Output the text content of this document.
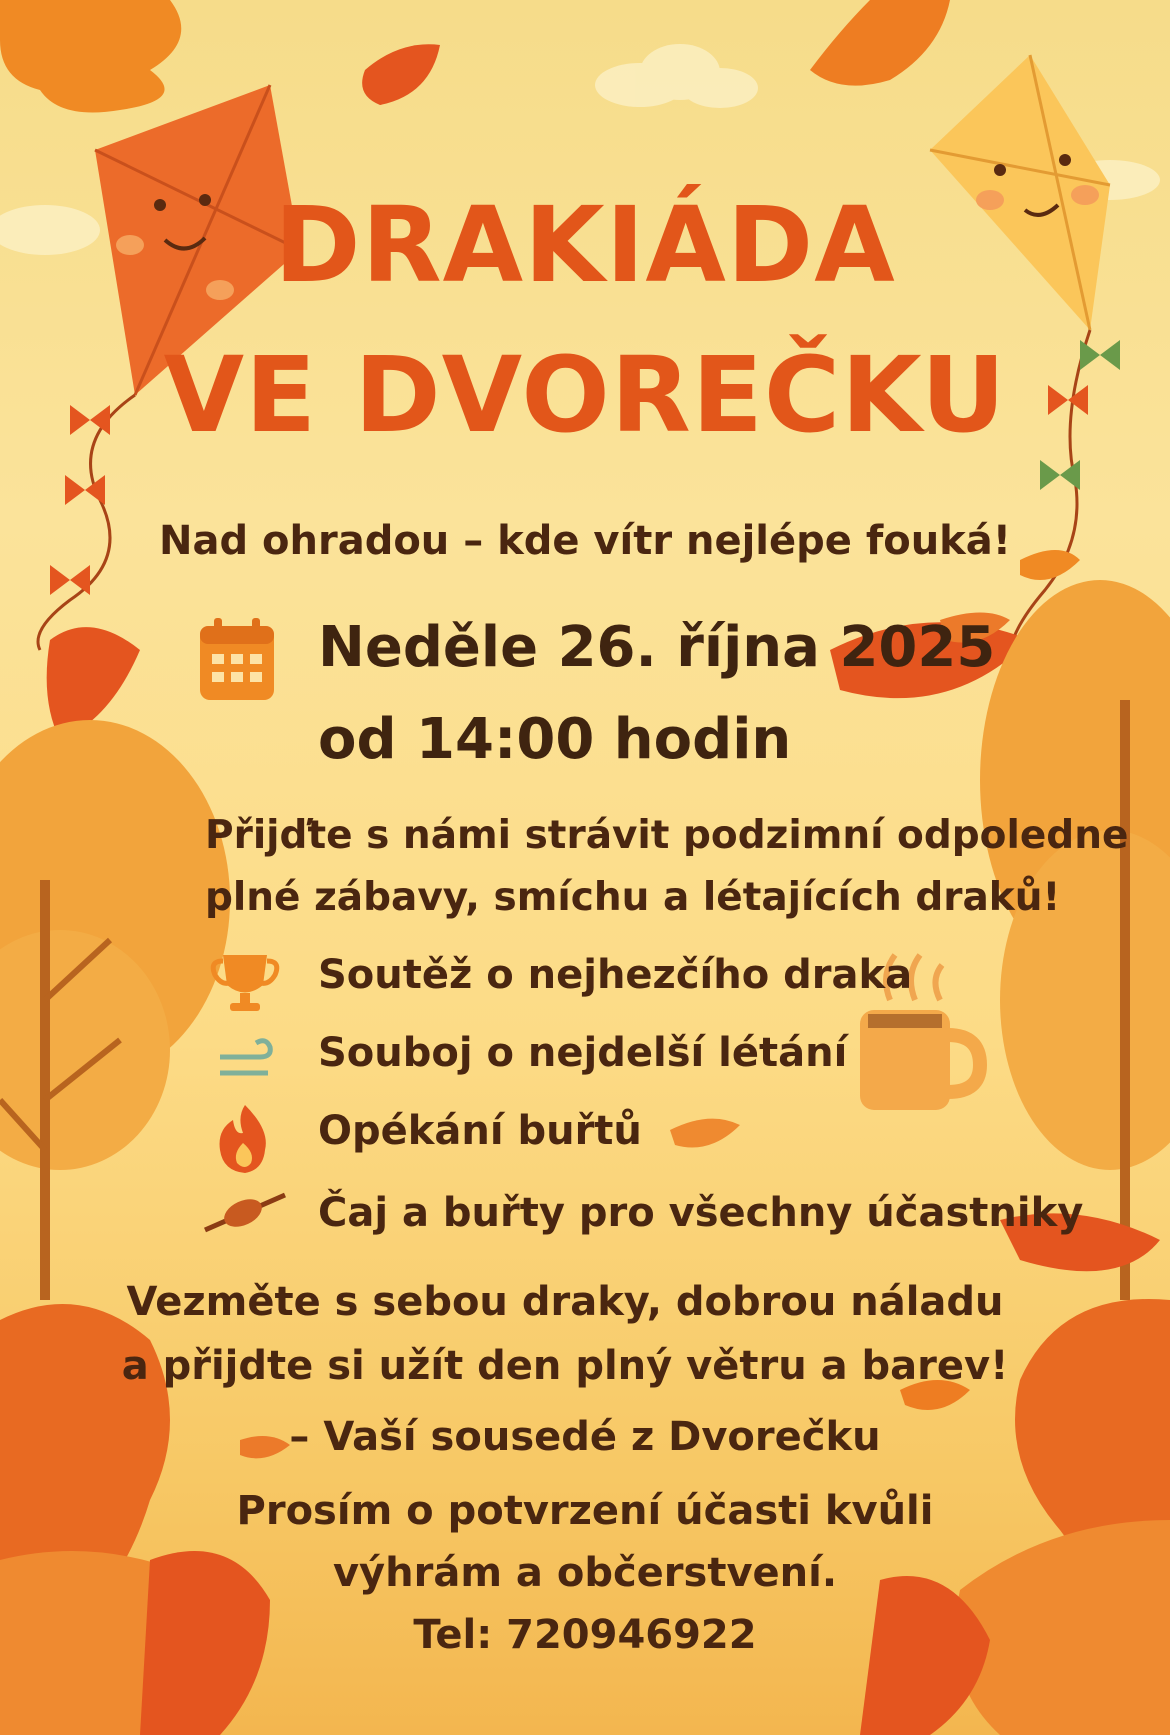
DRAKIÁDA
VE DVOREČKU
Nad ohradou – kde vítr nejlépe fouká!
Neděle 26. října 2025
od 14:00 hodin
Přijďte s námi strávit podzimní odpoledne
plné zábavy, smíchu a létajících draků!
Soutěž o nejhezčího draka
Souboj o nejdelší létání
Opékání buřtů
Čaj a buřty pro všechny účastniky
Vezměte s sebou draky, dobrou náladu
a přijdte si užít den plný větru a barev!
– Vaší sousedé z Dvorečku
Prosím o potvrzení účasti kvůli
výhrám a občerstvení.
Tel: 720946922
